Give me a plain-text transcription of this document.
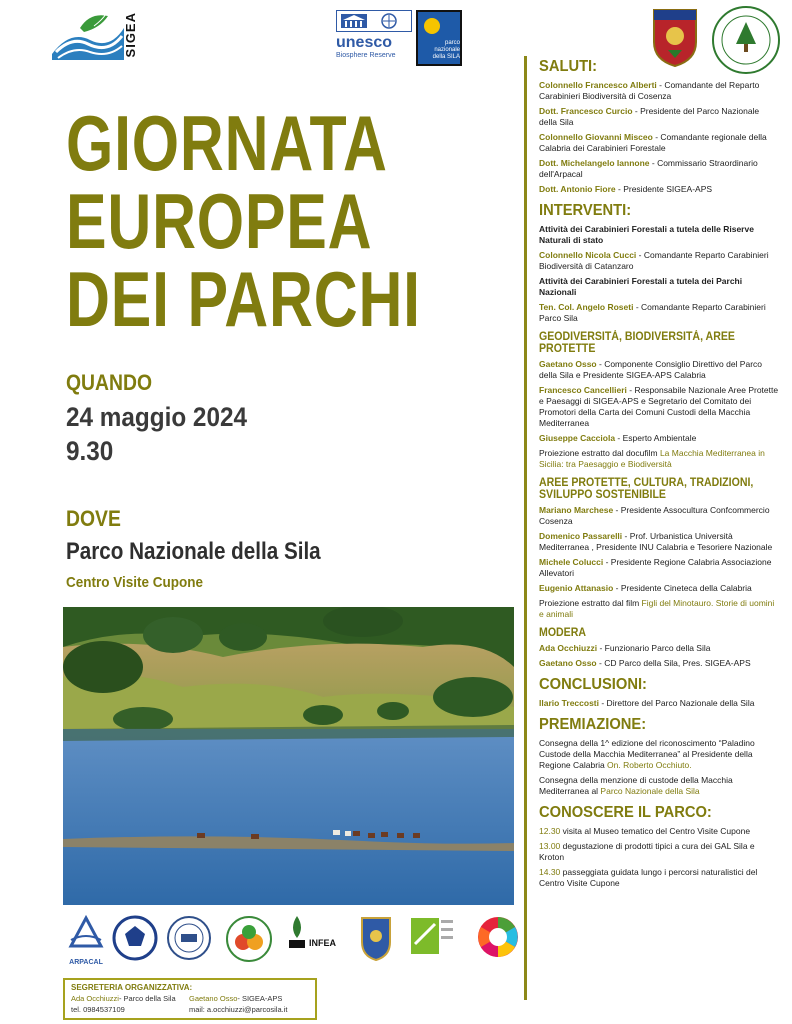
SIGEA	unesco
Biosphere Reserve
parco nazionale della SILA
GIORNATA
EUROPEA
DEI PARCHI
QUANDO
24 maggio 2024
9.30
DOVE
Parco Nazionale della Sila
Centro Visite Cupone
ARPACAL
INFEA
SEGRETERIA ORGANIZZATIVA:
Ada Occhiuzzi- Parco della Sila	Gaetano Osso- SIGEA-APS
tel. 0984537109	mail: a.occhiuzzi@parcosila.it
SALUTI:
Colonnello Francesco Alberti - Comandante del Reparto Carabinieri Biodiversità di Cosenza
Dott. Francesco Curcio - Presidente del Parco Nazionale della Sila
Colonnello Giovanni Misceo - Comandante regionale della Calabria dei Carabinieri Forestale
Dott. Michelangelo Iannone - Commissario Straordinario dell'Arpacal
Dott. Antonio Fiore - Presidente SIGEA-APS
INTERVENTI:
Attività dei Carabinieri Forestali a tutela delle Riserve Naturali di stato
Colonnello Nicola Cucci - Comandante Reparto Carabinieri Biodiversità di Catanzaro
Attività dei Carabinieri Forestali a tutela dei Parchi Nazionali
Ten. Col. Angelo Roseti - Comandante Reparto Carabinieri Parco Sila
GEODIVERSITÀ, BIODIVERSITÀ, AREE PROTETTE
Gaetano Osso - Componente Consiglio Direttivo del Parco della Sila e Presidente SIGEA-APS Calabria
Francesco Cancellieri - Responsabile Nazionale Aree Protette e Paesaggi di SIGEA-APS e Segretario del Comitato dei Promotori della Carta dei Comuni Custodi della Macchia Mediterranea
Giuseppe Cacciola - Esperto Ambientale
Proiezione estratto dal docufilm La Macchia Mediterranea in Sicilia: tra Paesaggio e Biodiversità
AREE PROTETTE, CULTURA, TRADIZIONI, SVILUPPO SOSTENIBILE
Mariano Marchese - Presidente Assocultura Confcommercio Cosenza
Domenico Passarelli - Prof. Urbanistica Università Mediterranea , Presidente INU Calabria e Tesoriere Nazionale
Michele Colucci - Presidente Regione Calabria Associazione Allevatori
Eugenio Attanasio - Presidente Cineteca della Calabria
Proiezione estratto dal film Figli del Minotauro. Storie di uomini e animali
MODERA
Ada Occhiuzzi - Funzionario Parco della Sila
Gaetano Osso - CD Parco della Sila, Pres. SIGEA-APS
CONCLUSIONI:
Ilario Treccosti - Direttore del Parco Nazionale della Sila
PREMIAZIONE:
Consegna della 1^ edizione del riconoscimento “Paladino Custode della Macchia Mediterranea” al Presidente della Regione Calabria On. Roberto Occhiuto.
Consegna della menzione di custode della Macchia Mediterranea al Parco Nazionale della Sila
CONOSCERE IL PARCO:
12.30 visita al Museo tematico del Centro Visite Cupone
13.00 degustazione di prodotti tipici a cura dei GAL Sila e Kroton
14.30 passeggiata guidata lungo i percorsi naturalistici del Centro Visite Cupone
